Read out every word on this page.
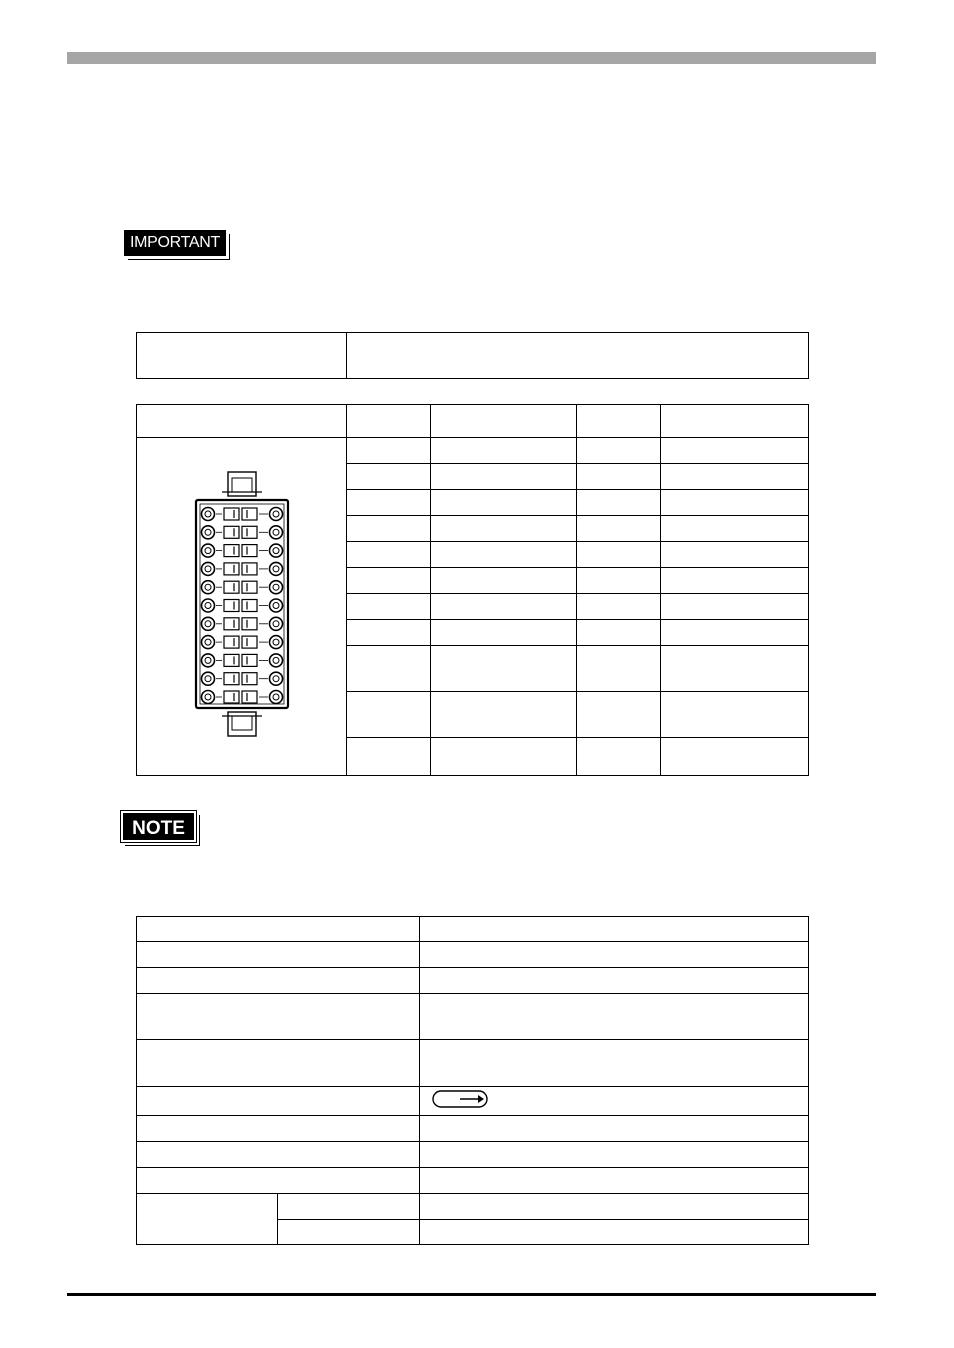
IMPORTANT

NOTE
